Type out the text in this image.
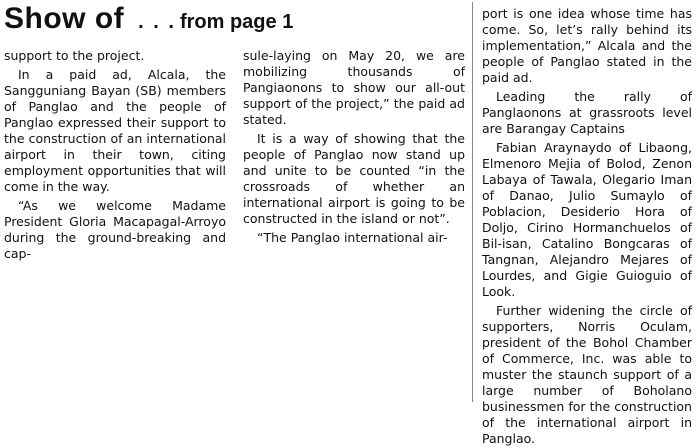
Show of . . . from page 1

support to the project.

In a paid ad, Alcala, the Sangguniang Bayan (SB) members of Panglao and the people of Panglao expressed their support to the construction of an international airport in their town, citing employment opportunities that will come in the way.

“As we welcome Madame President Gloria Macapagal-Arroyo during the ground-breaking and cap-

sule-laying on May 20, we are mobilizing thousands of Pangiaonons to show our all-out support of the project,” the paid ad stated.

It is a way of showing that the people of Panglao now stand up and unite to be counted “in the crossroads of whether an international airport is going to be constructed in the island or not”.

“The Panglao international air-

port is one idea whose time has come. So, let’s rally behind its implementation,” Alcala and the people of Panglao stated in the paid ad.

Leading the rally of Panglaonons at grassroots level are Barangay Captains

Fabian Araynaydo of Libaong, Elmenoro Mejia of Bolod, Zenon Labaya of Tawala, Olegario Iman of Danao, Julio Sumaylo of Poblacion, Desiderio Hora of Doljo, Cirino Hormanchuelos of Bil-isan, Catalino Bongcaras of Tangnan, Alejandro Mejares of Lourdes, and Gigie Guioguio of Look.

Further widening the circle of supporters, Norris Oculam, president of the Bohol Chamber of Commerce, Inc. was able to muster the staunch support of a large number of Boholano businessmen for the construction of the international airport in Panglao.
